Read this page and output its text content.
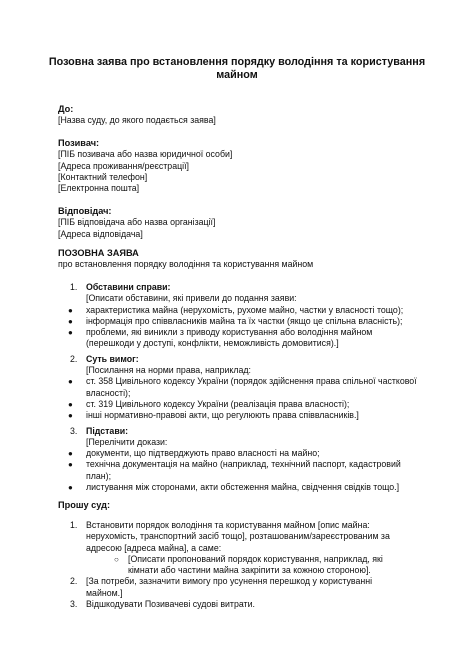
Позовна заява про встановлення порядку володіння та користування майном
До:
[Назва суду, до якого подається заява]
Позивач:
[ПІБ позивача або назва юридичної особи]
[Адреса проживання/реєстрації]
[Контактний телефон]
[Електронна пошта]
Відповідач:
[ПІБ відповідача або назва організації]
[Адреса відповідача]
ПОЗОВНА ЗАЯВА
про встановлення порядку володіння та користування майном
1. Обставини справи:
[Описати обставини, які привели до подання заяви:
● характеристика майна (нерухомість, рухоме майно, частки у власності тощо);
● інформація про співвласників майна та їх частки (якщо це спільна власність);
● проблеми, які виникли з приводу користування або володіння майном (перешкоди у доступі, конфлікти, неможливість домовитися).]
2. Суть вимог:
[Посилання на норми права, наприклад:
● ст. 358 Цивільного кодексу України (порядок здійснення права спільної часткової власності);
● ст. 319 Цивільного кодексу України (реалізація права власності);
● інші нормативно-правові акти, що регулюють права співвласників.]
3. Підстави:
[Перелічити докази:
● документи, що підтверджують право власності на майно;
● технічна документація на майно (наприклад, технічний паспорт, кадастровий план);
● листування між сторонами, акти обстеження майна, свідчення свідків тощо.]
Прошу суд:
1. Встановити порядок володіння та користування майном [опис майна: нерухомість, транспортний засіб тощо], розташованим/зареєстрованим за адресою [адреса майна], а саме:
○ [Описати пропонований порядок користування, наприклад, які кімнати або частини майна закріпити за кожною стороною].
2. [За потреби, зазначити вимогу про усунення перешкод у користуванні майном.]
3. Відшкодувати Позивачеві судові витрати.
